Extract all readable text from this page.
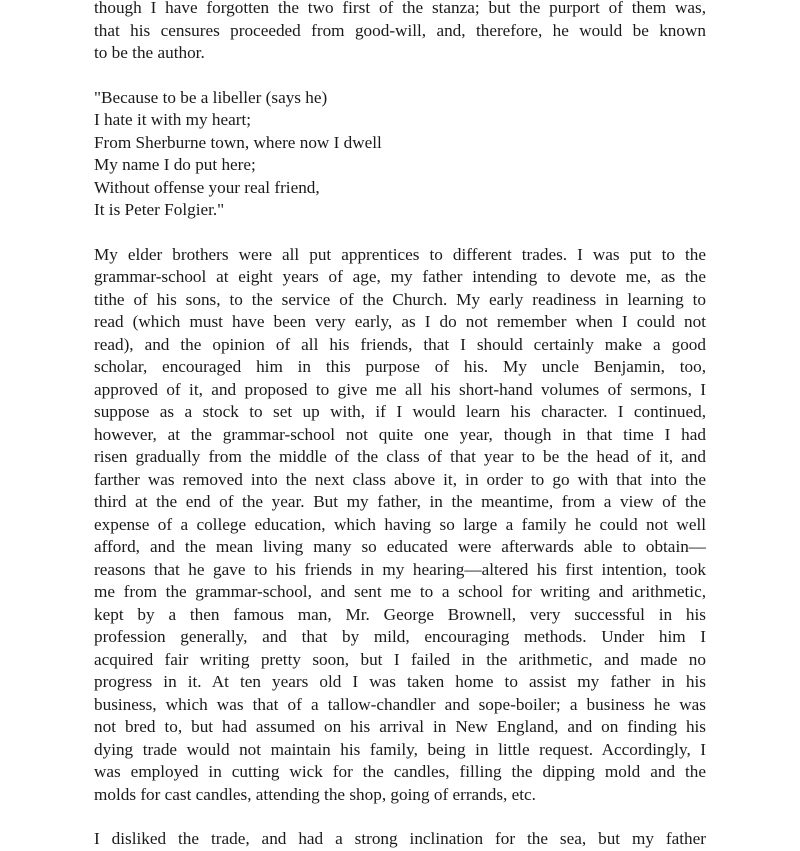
though I have forgotten the two first of the stanza; but the purport of them was,
that his censures proceeded from good-will, and, therefore, he would be known
to be the author.
"Because to be a libeller (says he)
I hate it with my heart;
From Sherburne town, where now I dwell
My name I do put here;
Without offense your real friend,
It is Peter Folgier."
My elder brothers were all put apprentices to different trades. I was put to the
grammar-school at eight years of age, my father intending to devote me, as the
tithe of his sons, to the service of the Church. My early readiness in learning to
read (which must have been very early, as I do not remember when I could not
read), and the opinion of all his friends, that I should certainly make a good
scholar, encouraged him in this purpose of his. My uncle Benjamin, too,
approved of it, and proposed to give me all his short-hand volumes of sermons, I
suppose as a stock to set up with, if I would learn his character. I continued,
however, at the grammar-school not quite one year, though in that time I had
risen gradually from the middle of the class of that year to be the head of it, and
farther was removed into the next class above it, in order to go with that into the
third at the end of the year. But my father, in the meantime, from a view of the
expense of a college education, which having so large a family he could not well
afford, and the mean living many so educated were afterwards able to obtain—
reasons that he gave to his friends in my hearing—altered his first intention, took
me from the grammar-school, and sent me to a school for writing and arithmetic,
kept by a then famous man, Mr. George Brownell, very successful in his
profession generally, and that by mild, encouraging methods. Under him I
acquired fair writing pretty soon, but I failed in the arithmetic, and made no
progress in it. At ten years old I was taken home to assist my father in his
business, which was that of a tallow-chandler and sope-boiler; a business he was
not bred to, but had assumed on his arrival in New England, and on finding his
dying trade would not maintain his family, being in little request. Accordingly, I
was employed in cutting wick for the candles, filling the dipping mold and the
molds for cast candles, attending the shop, going of errands, etc.
I disliked the trade, and had a strong inclination for the sea, but my father
